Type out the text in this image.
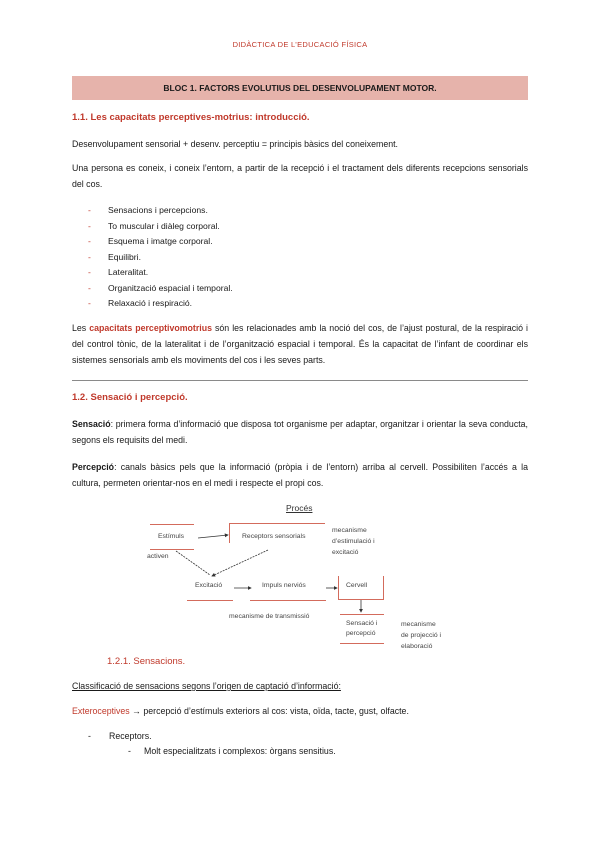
DIDÀCTICA DE L’EDUCACIÓ FÍSICA
BLOC 1. FACTORS EVOLUTIUS DEL DESENVOLUPAMENT MOTOR.
1.1. Les capacitats perceptives-motrius: introducció.
Desenvolupament sensorial + desenv. perceptiu = principis bàsics del coneixement.
Una persona es coneix, i coneix l’entorn, a partir de la recepció i el tractament dels diferents recepcions sensorials del cos.
- Sensacions i percepcions.
- To muscular i diàleg corporal.
- Esquema i imatge corporal.
- Equilibri.
- Lateralitat.
- Organització espacial i temporal.
- Relaxació i respiració.
Les capacitats perceptivomotrius són les relacionades amb la noció del cos, de l’ajust postural, de la respiració i del control tònic, de la lateralitat i de l’organització espacial i temporal. És la capacitat de l’infant de coordinar els sistemes sensorials amb els moviments del cos i les seves parts.
1.2. Sensació i percepció.
Sensació: primera forma d’informació que disposa tot organisme per adaptar, organitzar i orientar la seva conducta, segons els requisits del medi.
Percepció: canals bàsics pels que la informació (pròpia i de l’entorn) arriba al cervell. Possibiliten l’accés a la cultura, permeten orientar-nos en el medi i respecte el propi cos.
Procés
Estímuls	Receptors sensorials
activen
mecanisme
d’estimulació i
excitació
Excitació	Impuls nerviós	Cervell
mecanisme de transmissió
Sensació i
percepció
mecanisme
de projecció i
elaboració
1.2.1. Sensacions.
Classificació de sensacions segons l’origen de captació d’informació:
Exteroceptives → percepció d’estímuls exteriors al cos: vista, oïda, tacte, gust, olfacte.
- Receptors.
- Molt especialitzats i complexos: òrgans sensitius.
